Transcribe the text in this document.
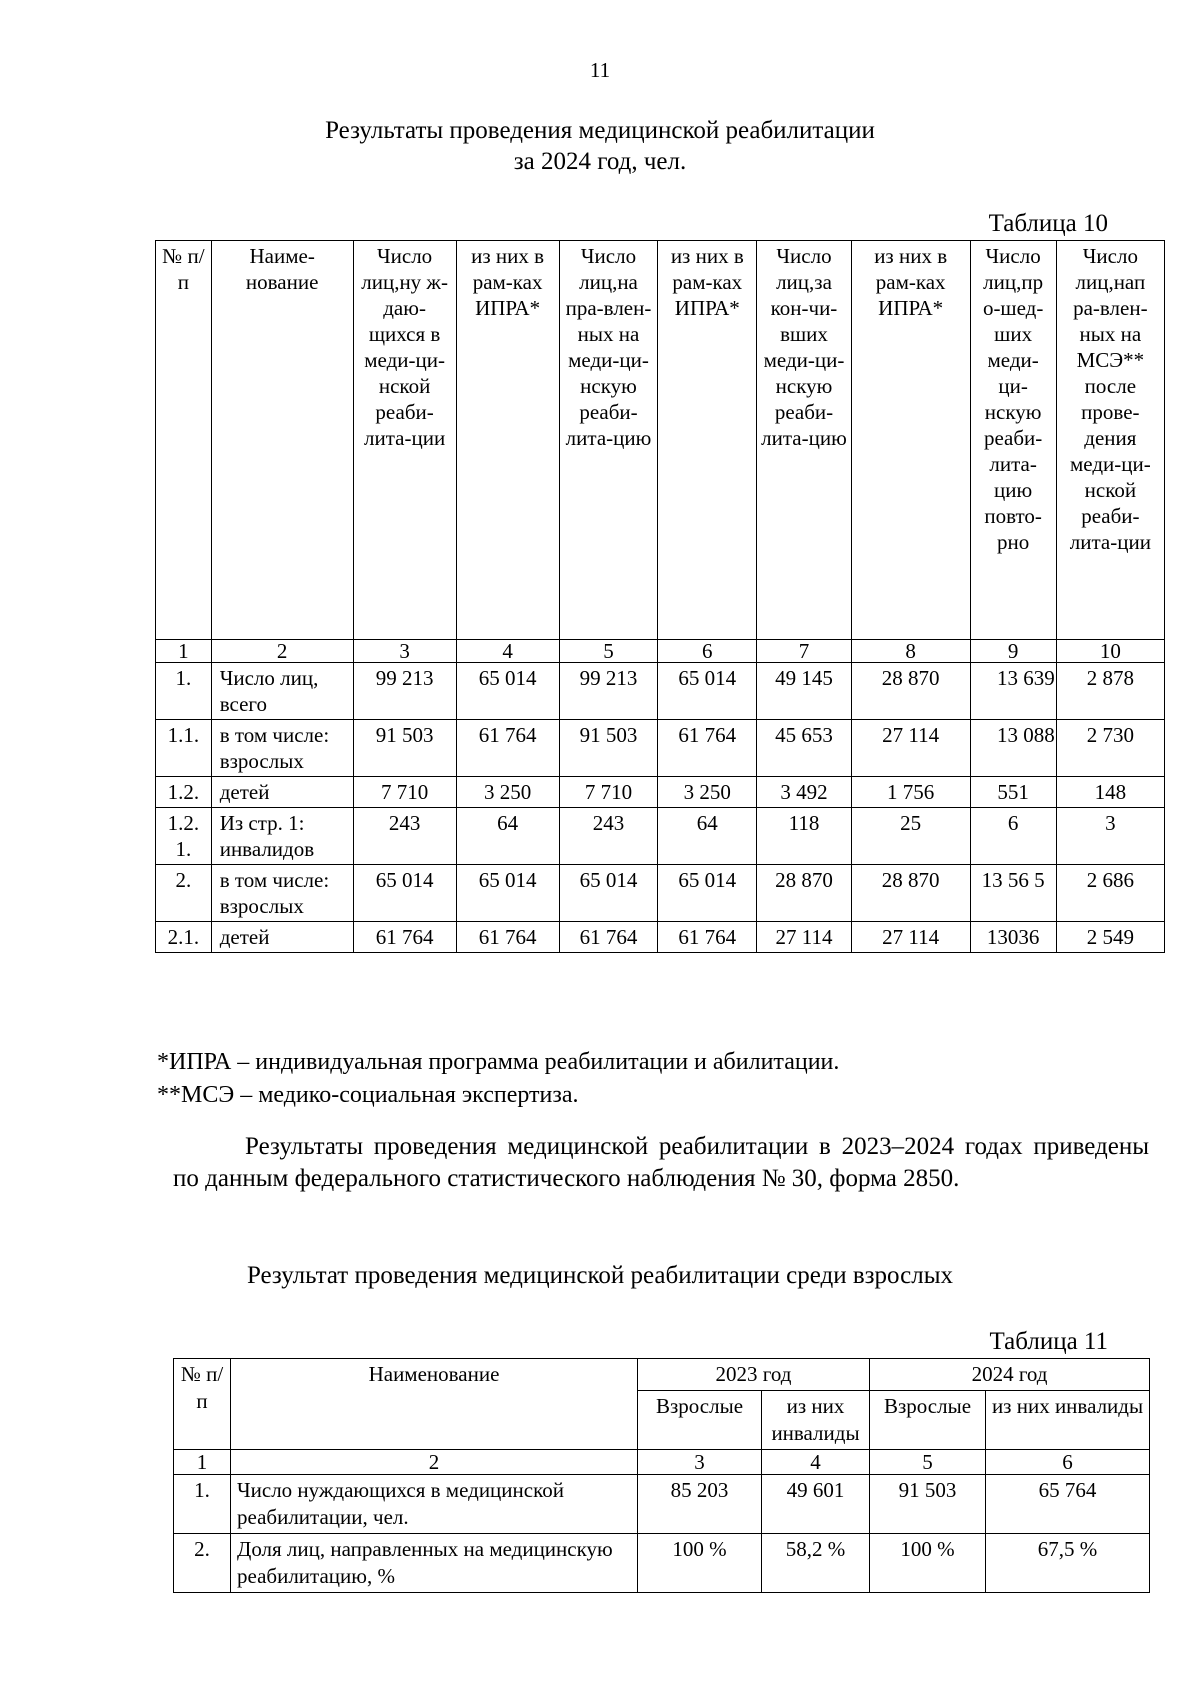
11
Результаты проведения медицинской реабилитации
за 2024 год, чел.
Таблица 10
№ п/п	Наиме-нование	Число лиц,ну ж-даю-щихся в меди-ци-нской реаби-лита-ции	из них в рам-ках ИПРА*	Число лиц,на пра-влен-ных на меди-ци-нскую реаби-лита-цию	из них в рам-ках ИПРА*	Число лиц,за кон-чи-вших меди-ци-нскую реаби-лита-цию	из них в рам-ках ИПРА*	Число лиц,пр о-шед-ших меди-ци-нскую реаби-лита-цию повто-рно	Число лиц,нап ра-влен-ных на МСЭ** после прове-дения меди-ци-нской реаби-лита-ции
1	2	3	4	5	6	7	8	9	10
1.	Число лиц, всего	99 213	65 014	99 213	65 014	49 145	28 870	13 639	2 878
1.1.	в том числе: взрослых	91 503	61 764	91 503	61 764	45 653	27 114	13 088	2 730
1.2.	детей	7 710	3 250	7 710	3 250	3 492	1 756	551	148
1.2. 1.	Из стр. 1: инвалидов	243	64	243	64	118	25	6	3
2.	в том числе: взрослых	65 014	65 014	65 014	65 014	28 870	28 870	13 56 5	2 686
2.1.	детей	61 764	61 764	61 764	61 764	27 114	27 114	13036	2 549
*ИПРА – индивидуальная программа реабилитации и абилитации.
**МСЭ – медико-социальная экспертиза.
Результаты проведения медицинской реабилитации в 2023–2024 годах приведены по данным федерального статистического наблюдения № 30, форма 2850.
Результат проведения медицинской реабилитации среди взрослых
Таблица 11
№ п/п	Наименование	2023 год		2024 год	
		Взрослые	из них инвалиды	Взрослые	из них инвалиды
1	2	3	4	5	6
1.	Число нуждающихся в медицинской реабилитации, чел.	85 203	49 601	91 503	65 764
2.	Доля лиц, направленных на медицинскую реабилитацию, %	100 %	58,2 %	100 %	67,5 %
